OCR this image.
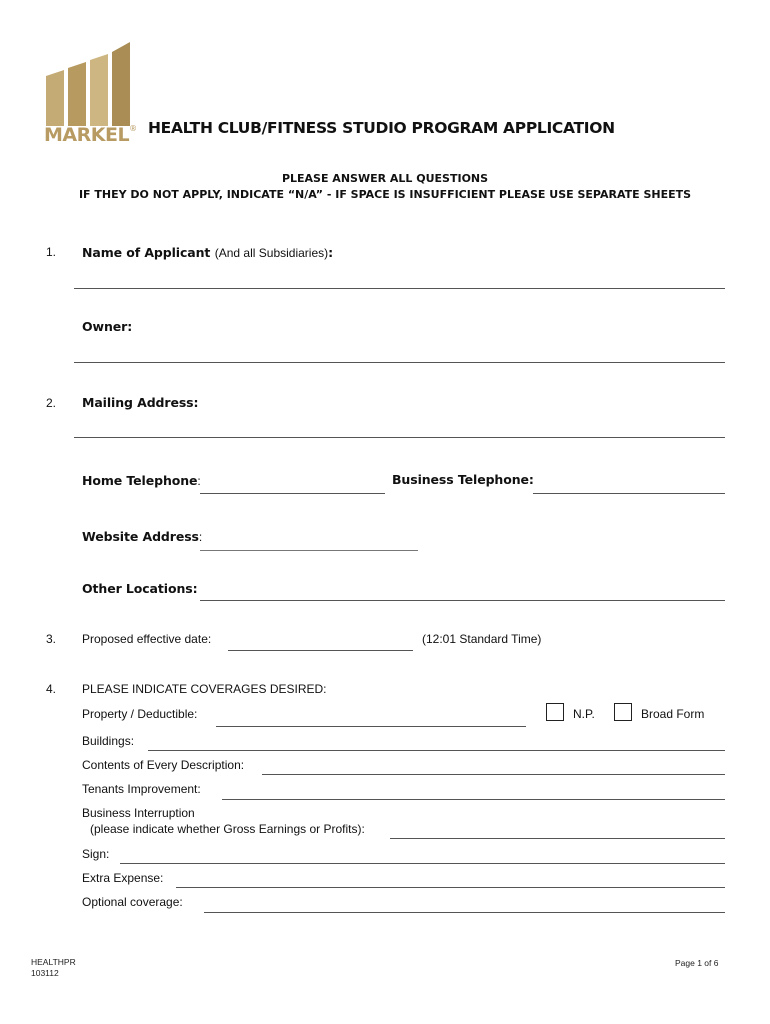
MARKEL® HEALTH CLUB/FITNESS STUDIO PROGRAM APPLICATION
PLEASE ANSWER ALL QUESTIONS
IF THEY DO NOT APPLY, INDICATE “N/A” - IF SPACE IS INSUFFICIENT PLEASE USE SEPARATE SHEETS
1. Name of Applicant (And all Subsidiaries):
Owner:
2. Mailing Address:
Home Telephone:	Business Telephone:
Website Address:
Other Locations:
3. Proposed effective date:	(12:01 Standard Time)
4. PLEASE INDICATE COVERAGES DESIRED:
Property / Deductible:	N.P.	Broad Form
Buildings:
Contents of Every Description:
Tenants Improvement:
Business Interruption
(please indicate whether Gross Earnings or Profits):
Sign:
Extra Expense:
Optional coverage:
HEALTHPR
103112
Page 1 of 6
